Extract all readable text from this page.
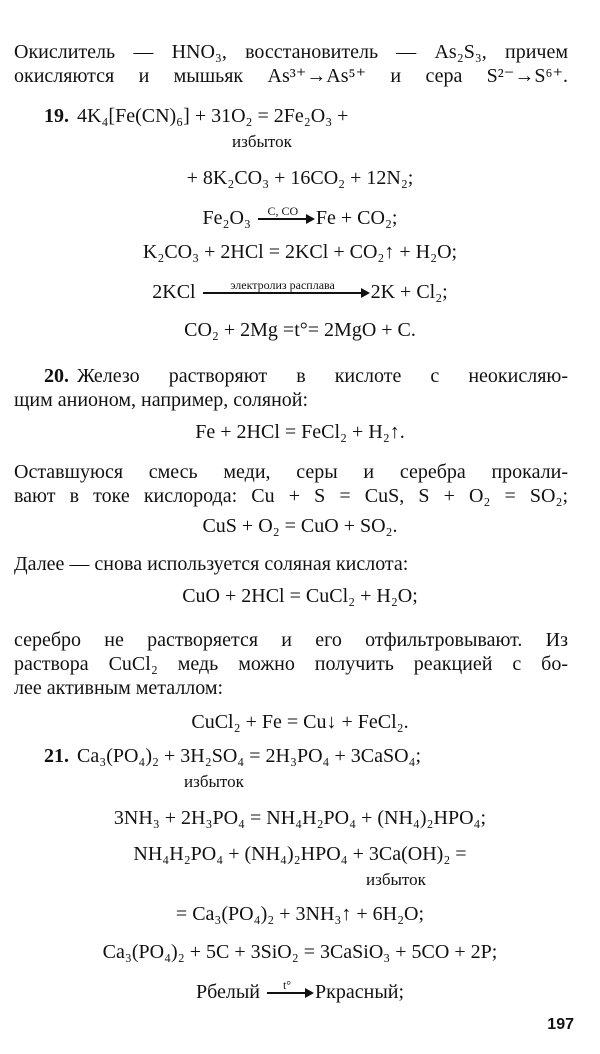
Окислитель — HNO₃, восстановитель — As₂S₃, причем
окисляются и мышьяк As³⁺→As⁵⁺ и сера S²⁻→S⁶⁺.
19. 4K₄[Fe(CN)₆] + 31O₂ = 2Fe₂O₃ +
избыток
+ 8K₂CO₃ + 16CO₂ + 12N₂;
Fe₂O₃	C, CO Fe + CO₂;
K₂CO₃ + 2HCl = 2KCl + CO₂↑ + H₂O;
2KCl	электролиз расплава	2K + Cl₂;
CO₂ + 2Mg =t°= 2MgO + C.
20. Железо растворяют в кислоте с неокисляю-
щим анионом, например, соляной:
Fe + 2HCl = FeCl₂ + H₂↑.
Оставшуюся смесь меди, серы и серебра прокали-
вают в токе кислорода: Cu + S = CuS, S + O₂ = SO₂;
CuS + O₂ = CuO + SO₂.
Далее — снова используется соляная кислота:
CuO + 2HCl = CuCl₂ + H₂O;
серебро не растворяется и его отфильтровывают. Из
раствора CuCl₂ медь можно получить реакцией с бо-
лее активным металлом:
CuCl₂ + Fe = Cu↓ + FeCl₂.
21. Ca₃(PO₄)₂ + 3H₂SO₄ = 2H₃PO₄ + 3CaSO₄;
избыток
3NH₃ + 2H₃PO₄ = NH₄H₂PO₄ + (NH₄)₂HPO₄;
NH₄H₂PO₄ + (NH₄)₂HPO₄ + 3Ca(OH)₂ =
избыток
= Ca₃(PO₄)₂ + 3NH₃↑ + 6H₂O;
Ca₃(PO₄)₂ + 5C + 3SiO₂ = 3CaSiO₃ + 5CO + 2P;
Pбелый	t°	Pкрасный;
197
